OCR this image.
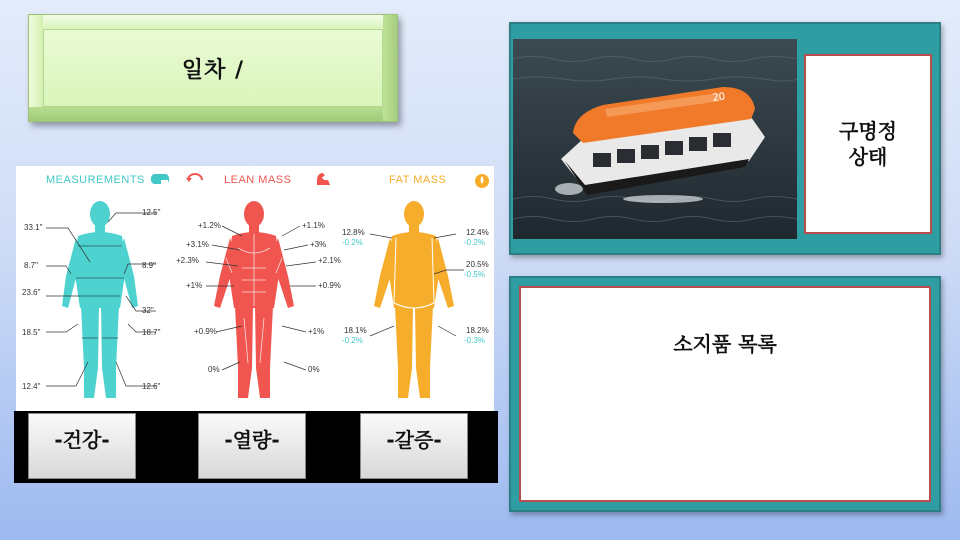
일차 /
MEASUREMENTS	LEAN MASS	FAT MASS
33.1"
8.7"
23.6"
18.5"
12.4"
12.5"
8.9"
32"
18.7"
12.6"
+1.2%
+3.1%
+2.3%
+1%
+0.9%
0%
+1.1%
+3%
+2.1%
+0.9%
+1%
0%
12.8%
-0.2%
18.1%
-0.2%
12.4%
-0.2%
20.5%
-0.5%
18.2%
-0.3%
-건강-	-열량-	-갈증-
20
구명정
상태
소지품 목록
